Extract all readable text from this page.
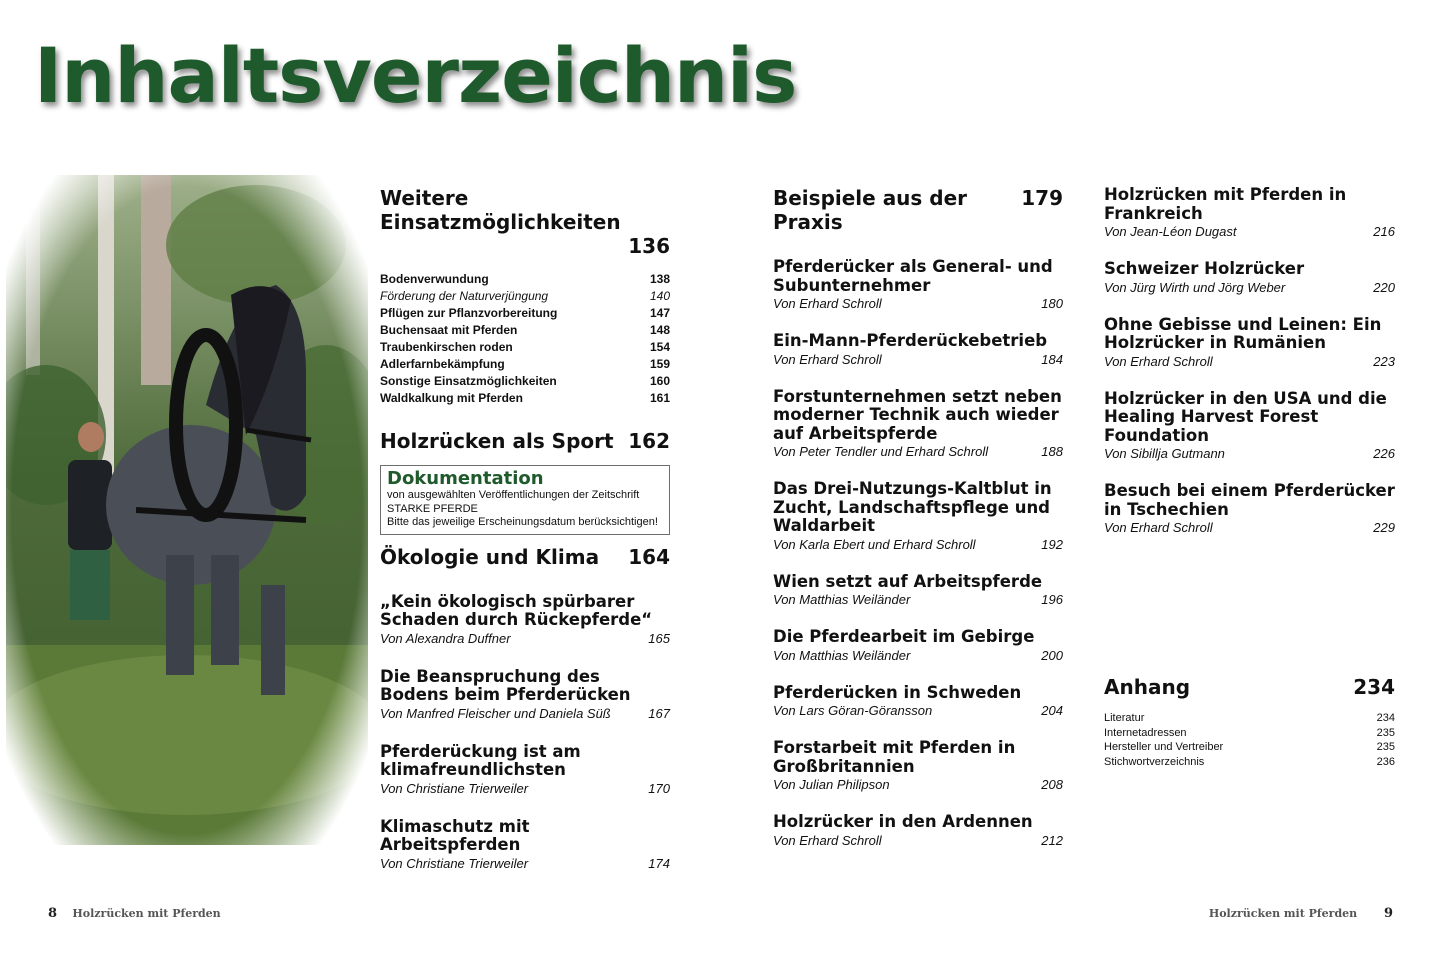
Inhaltsverzeichnis
Weitere Einsatzmöglichkeiten
136
Bodenverwundung	138
Förderung der Naturverjüngung	140
Pflügen zur Pflanzvorbereitung	147
Buchensaat mit Pferden	148
Traubenkirschen roden	154
Adlerfarnbekämpfung	159
Sonstige Einsatzmöglichkeiten	160
Waldkalkung mit Pferden	161
Holzrücken als Sport 162
Dokumentation
von ausgewählten Veröffentlichungen der Zeitschrift
STARKE PFERDE
Bitte das jeweilige Erscheinungsdatum berücksichtigen!
Ökologie und Klima 164
„Kein ökologisch spürbarer Schaden durch Rückepferde“
Von Alexandra Duffner	165
Die Beanspruchung des Bodens beim Pferderücken
Von Manfred Fleischer und Daniela Süß	167
Pferderückung ist am klimafreundlichsten
Von Christiane Trierweiler	170
Klimaschutz mit Arbeitspferden
Von Christiane Trierweiler	174
Beispiele aus der Praxis
179
Pferderücker als General- und Subunternehmer
Von Erhard Schroll	180
Ein-Mann-Pferderückebetrieb
Von Erhard Schroll	184
Forstunternehmen setzt neben moderner Technik auch wieder auf Arbeitspferde
Von Peter Tendler und Erhard Schroll	188
Das Drei-Nutzungs-Kaltblut in Zucht, Landschaftspflege und Waldarbeit
Von Karla Ebert und Erhard Schroll	192
Wien setzt auf Arbeitspferde
Von Matthias Weiländer	196
Die Pferdearbeit im Gebirge
Von Matthias Weiländer	200
Pferderücken in Schweden
Von Lars Göran-Göransson	204
Forstarbeit mit Pferden in Großbritannien
Von Julian Philipson	208
Holzrücker in den Ardennen
Von Erhard Schroll	212
Holzrücken mit Pferden in Frankreich
Von Jean-Léon Dugast	216
Schweizer Holzrücker
Von Jürg Wirth und Jörg Weber	220
Ohne Gebisse und Leinen: Ein Holzrücker in Rumänien
Von Erhard Schroll	223
Holzrücker in den USA und die Healing Harvest Forest Foundation
Von Sibillja Gutmann	226
Besuch bei einem Pferderücker in Tschechien
Von Erhard Schroll	229
Anhang	234
Literatur	234
Internetadressen	235
Hersteller und Vertreiber	235
Stichwortverzeichnis	236
8 Holzrücken mit Pferden	Holzrücken mit Pferden 9
